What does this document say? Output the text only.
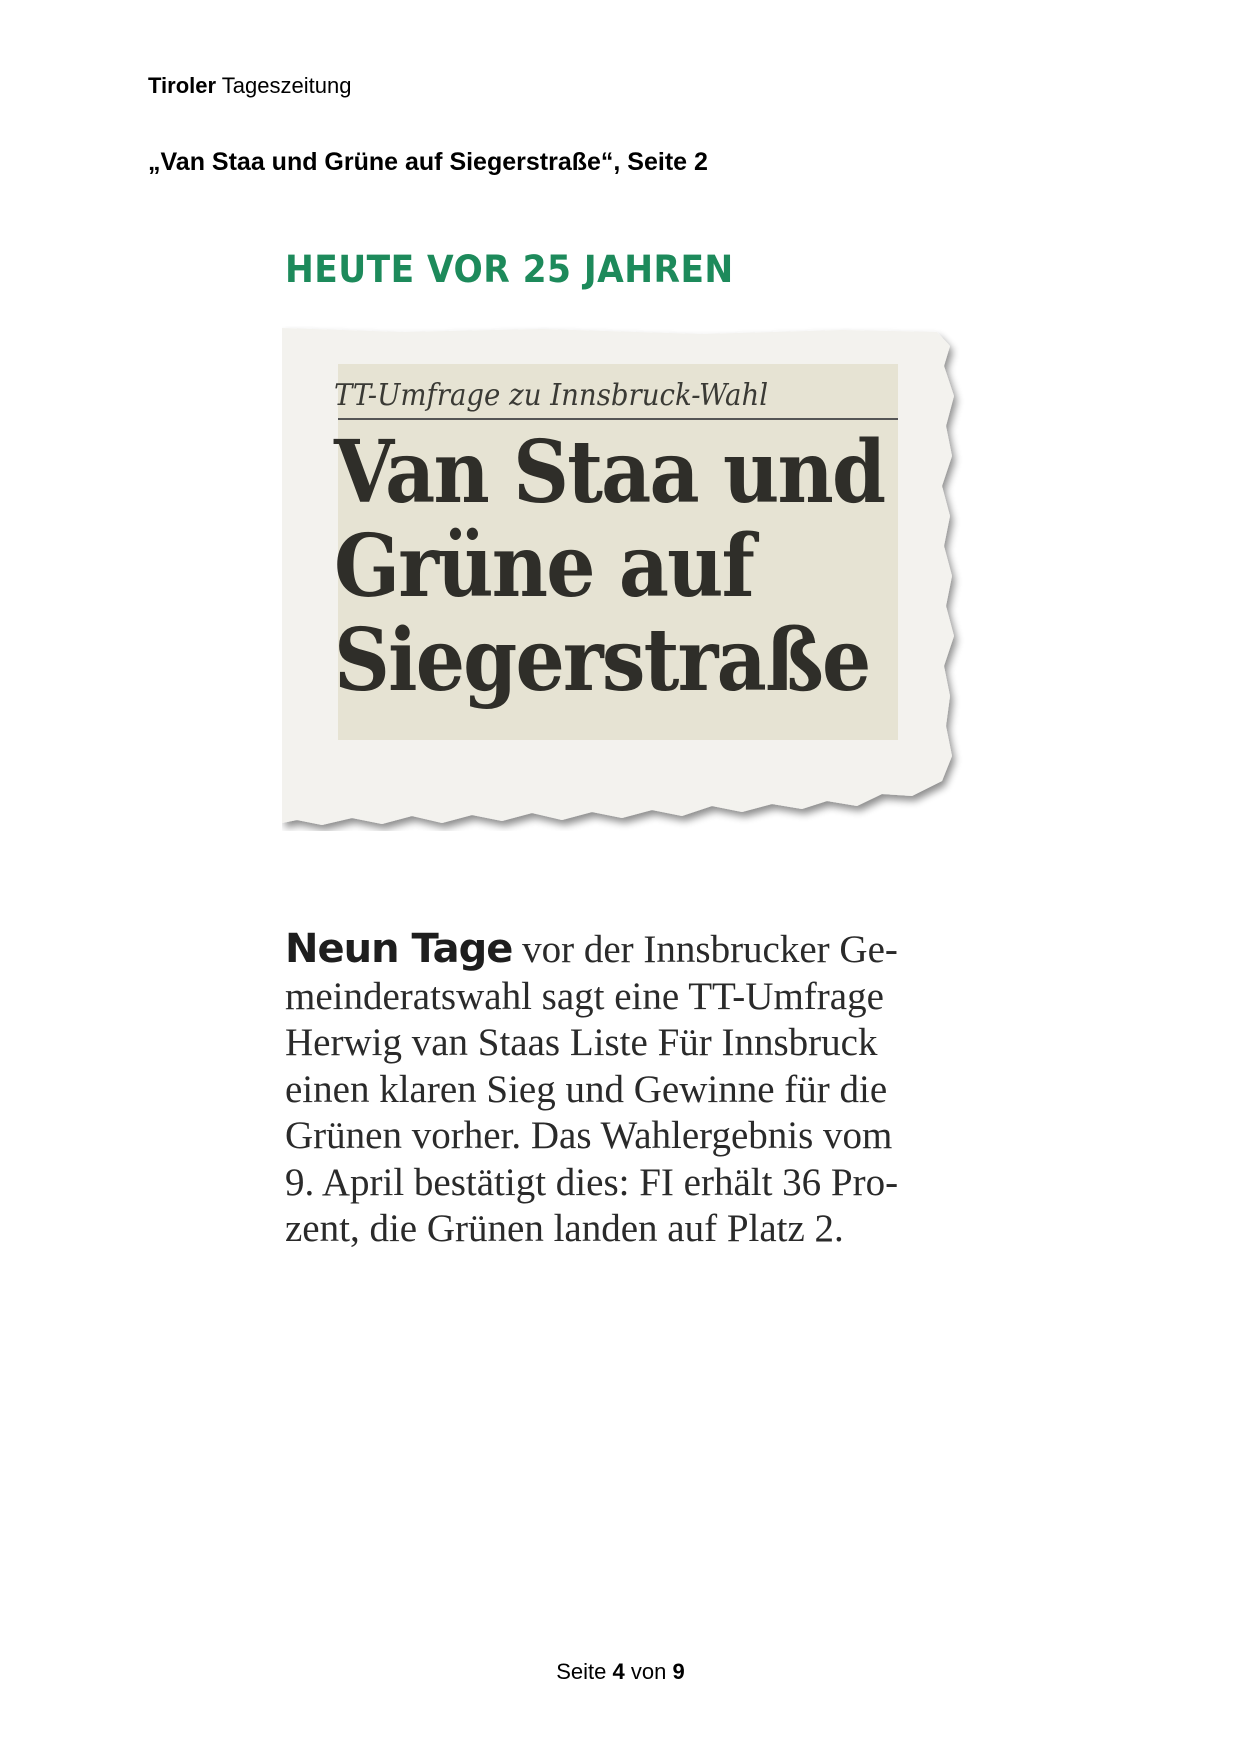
Tiroler Tageszeitung
„Van Staa und Grüne auf Siegerstraße“, Seite 2
HEUTE VOR 25 JAHREN
TT-Umfrage zu Innsbruck-Wahl
Van Staa und
Grüne auf
Siegerstraße
Neun Tage vor der Innsbrucker Ge-
meinderatswahl sagt eine TT-Umfrage
Herwig van Staas Liste Für Innsbruck
einen klaren Sieg und Gewinne für die
Grünen vorher. Das Wahlergebnis vom
9. April bestätigt dies: FI erhält 36 Pro-
zent, die Grünen landen auf Platz 2.
Seite 4 von 9
